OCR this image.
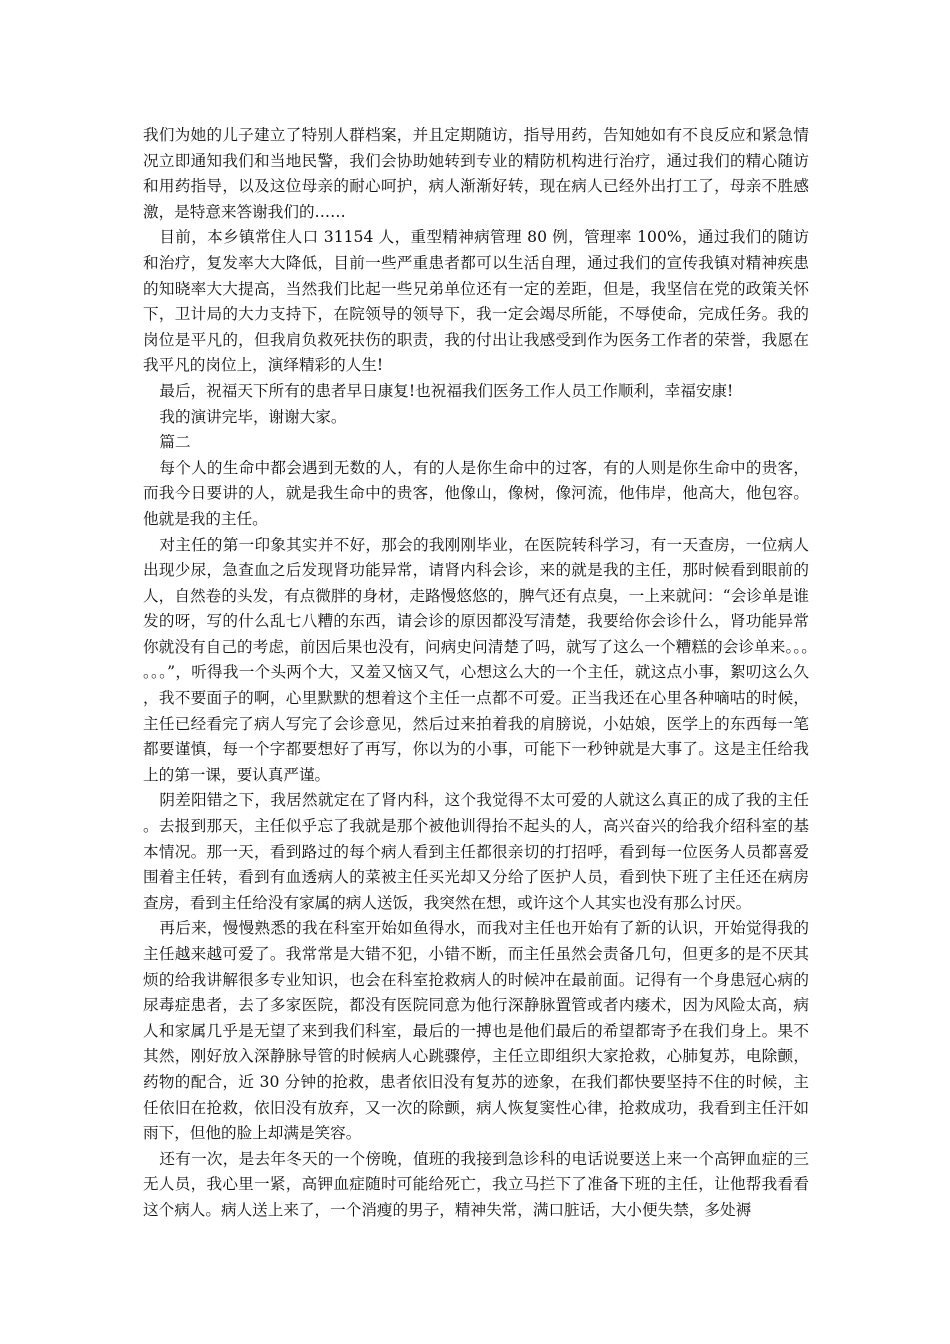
我们为她的儿子建立了特别人群档案，并且定期随访，指导用药，告知她如有不良反应和紧急情况立即通知我们和当地民警，我们会协助她转到专业的精防机构进行治疗，通过我们的精心随访和用药指导，以及这位母亲的耐心呵护，病人渐渐好转，现在病人已经外出打工了，母亲不胜感激，是特意来答谢我们的……

目前，本乡镇常住人口 31154 人，重型精神病管理 80 例，管理率 100%，通过我们的随访和治疗，复发率大大降低，目前一些严重患者都可以生活自理，通过我们的宣传我镇对精神疾患的知晓率大大提高，当然我们比起一些兄弟单位还有一定的差距，但是，我坚信在党的政策关怀下，卫计局的大力支持下，在院领导的领导下，我一定会竭尽所能，不辱使命，完成任务。我的岗位是平凡的，但我肩负救死扶伤的职责，我的付出让我感受到作为医务工作者的荣誉，我愿在我平凡的岗位上，演绎精彩的人生!

最后，祝福天下所有的患者早日康复!也祝福我们医务工作人员工作顺利，幸福安康!

我的演讲完毕，谢谢大家。

篇二

每个人的生命中都会遇到无数的人，有的人是你生命中的过客，有的人则是你生命中的贵客，而我今日要讲的人，就是我生命中的贵客，他像山，像树，像河流，他伟岸，他高大，他包容。他就是我的主任。

对主任的第一印象其实并不好，那会的我刚刚毕业，在医院转科学习，有一天查房，一位病人出现少尿，急查血之后发现肾功能异常，请肾内科会诊，来的就是我的主任，那时候看到眼前的人，自然卷的头发，有点微胖的身材，走路慢悠悠的，脾气还有点臭，一上来就问：“会诊单是谁发的呀，写的什么乱七八糟的东西，请会诊的原因都没写清楚，我要给你会诊什么，肾功能异常你就没有自己的考虑，前因后果也没有，问病史问清楚了吗，就写了这么一个糟糕的会诊单来。。。。。。”，听得我一个头两个大，又羞又恼又气，心想这么大的一个主任，就这点小事，絮叨这么久，我不要面子的啊，心里默默的想着这个主任一点都不可爱。正当我还在心里各种嘀咕的时候，主任已经看完了病人写完了会诊意见，然后过来拍着我的肩膀说，小姑娘，医学上的东西每一笔都要谨慎，每一个字都要想好了再写，你以为的小事，可能下一秒钟就是大事了。这是主任给我上的第一课，要认真严谨。

阴差阳错之下，我居然就定在了肾内科，这个我觉得不太可爱的人就这么真正的成了我的主任。去报到那天，主任似乎忘了我就是那个被他训得抬不起头的人，高兴奋兴的给我介绍科室的基本情况。那一天，看到路过的每个病人看到主任都很亲切的打招呼，看到每一位医务人员都喜爱围着主任转，看到有血透病人的菜被主任买光却又分给了医护人员，看到快下班了主任还在病房查房，看到主任给没有家属的病人送饭，我突然在想，或许这个人其实也没有那么讨厌。

再后来，慢慢熟悉的我在科室开始如鱼得水，而我对主任也开始有了新的认识，开始觉得我的主任越来越可爱了。我常常是大错不犯，小错不断，而主任虽然会责备几句，但更多的是不厌其烦的给我讲解很多专业知识，也会在科室抢救病人的时候冲在最前面。记得有一个身患冠心病的尿毒症患者，去了多家医院，都没有医院同意为他行深静脉置管或者内瘘术，因为风险太高，病人和家属几乎是无望了来到我们科室，最后的一搏也是他们最后的希望都寄予在我们身上。果不其然，刚好放入深静脉导管的时候病人心跳骤停，主任立即组织大家抢救，心肺复苏，电除颤，药物的配合，近 30 分钟的抢救，患者依旧没有复苏的迹象，在我们都快要坚持不住的时候，主任依旧在抢救，依旧没有放弃，又一次的除颤，病人恢复窦性心律，抢救成功，我看到主任汗如雨下，但他的脸上却满是笑容。

还有一次，是去年冬天的一个傍晚，值班的我接到急诊科的电话说要送上来一个高钾血症的三无人员，我心里一紧，高钾血症随时可能给死亡，我立马拦下了准备下班的主任，让他帮我看看这个病人。病人送上来了，一个消瘦的男子，精神失常，满口脏话，大小便失禁，多处褥
